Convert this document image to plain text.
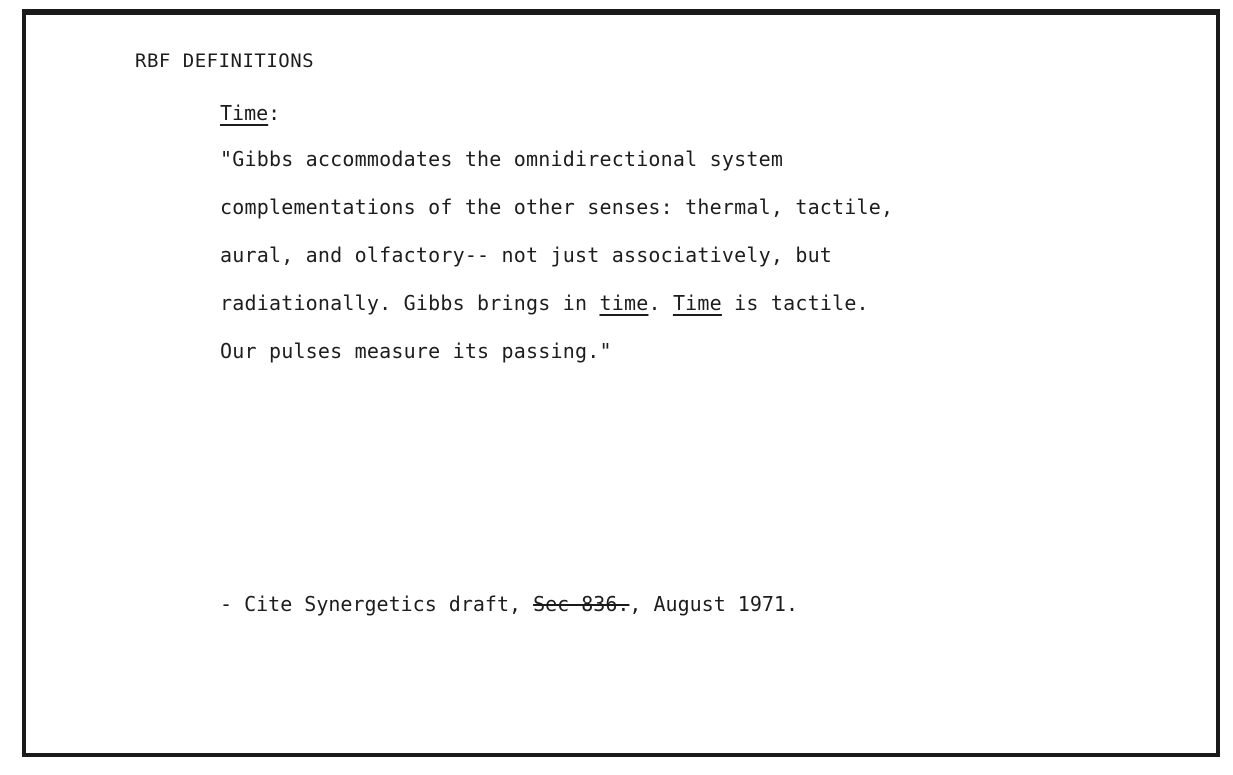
RBF DEFINITIONS
Time:
"Gibbs accommodates the omnidirectional system
complementations of the other senses: thermal, tactile,
aural, and olfactory-- not just associatively, but
radiationally. Gibbs brings in time. Time is tactile.
Our pulses measure its passing."
- Cite Synergetics draft, Sec 836., August 1971.
